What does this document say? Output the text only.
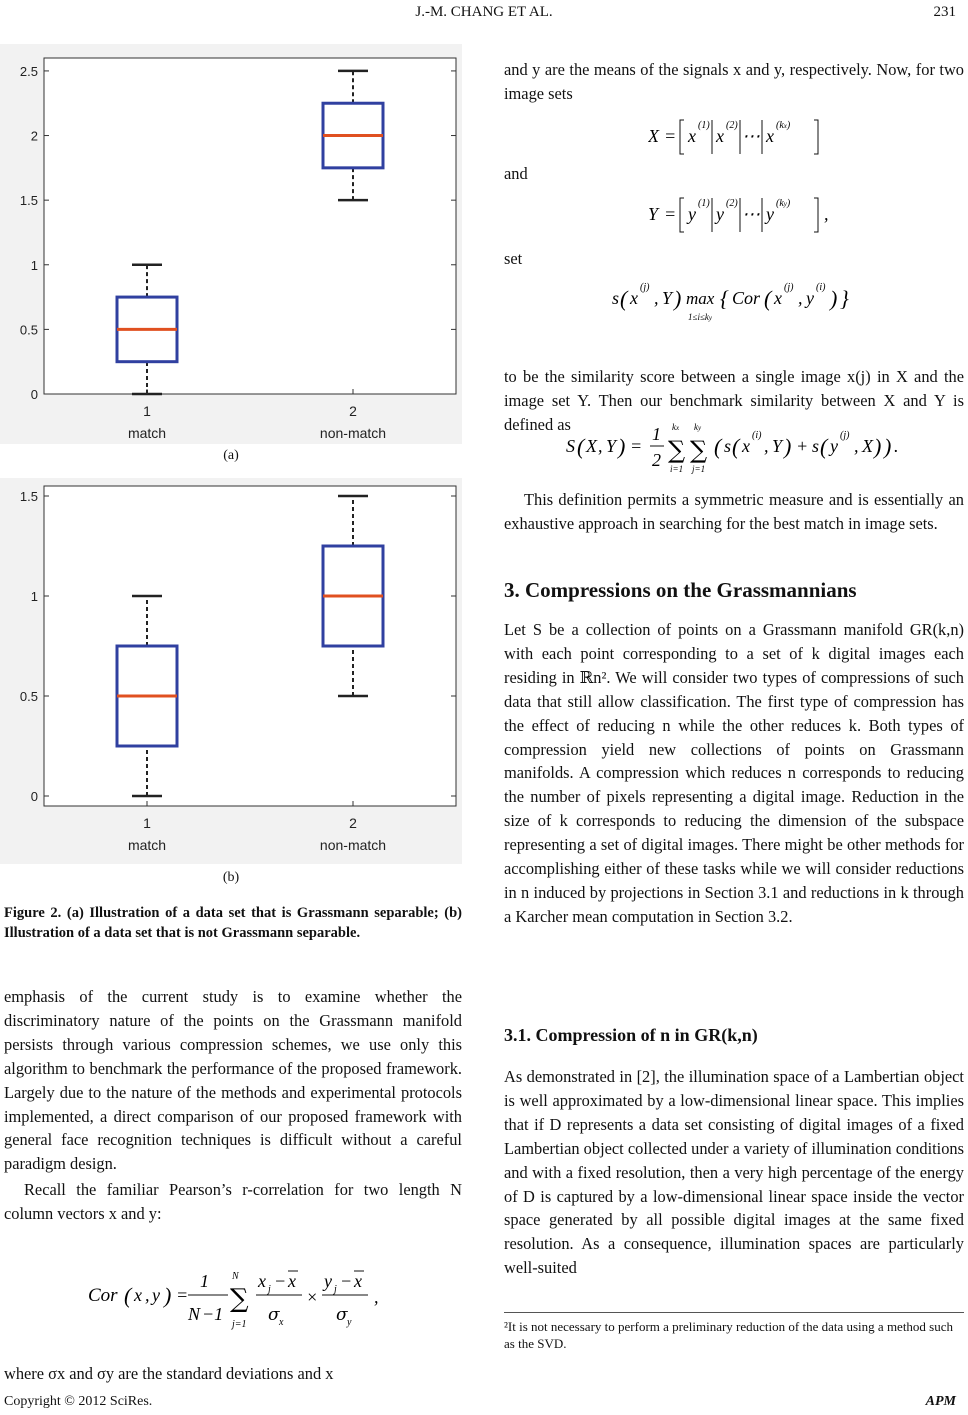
J.-M. CHANG ET AL.	231
0
0.5
1
1.5
2
2.5
1
match
2
non-match
(a)
0
0.5
1
1.5
1
match
2
non-match
(b)
Figure 2. (a) Illustration of a data set that is Grassmann separable; (b) Illustration of a data set that is not Grassmann separable.

emphasis of the current study is to examine whether the discriminatory nature of the points on the Grassmann manifold persists through various compression schemes, we use only this algorithm to benchmark the performance of the proposed framework. Largely due to the nature of the methods and experimental protocols implemented, a direct comparison of our proposed framework with general face recognition techniques is difficult without a careful paradigm design.

Recall the familiar Pearson’s r-correlation for two length N column vectors x and y:

Cor ( x , y ) =
1
N −1
N
∑
j=1
x j − x
σ x
×
y j − x
σ y
,
where σx and σy are the standard deviations and x
and y are the means of the signals x and y, respectively. Now, for two image sets
X = x
(1)
x
(2)
⋯ x
(kx)
and
Y = y
(1)
y
(2)
⋯ y
(ky)
,
set
s ( x
(j)
, Y ) max
1≤i≤ky
{ Cor ( x
(j)
, y
(i) ) }
to be the similarity score between a single image x(j) in X and the image set Y. Then our benchmark similarity between X and Y is defined as
S ( X , Y ) =
1
2
kx
∑
i=1
ky
∑
j=1
( s ( x
(i)
, Y ) + s ( y
(j)
, X ) ) .
This definition permits a symmetric measure and is essentially an exhaustive approach in searching for the best match in image sets.
3. Compressions on the Grassmannians
Let S be a collection of points on a Grassmann manifold GR(k,n) with each point corresponding to a set of k digital images each residing in ℝn². We will consider two types of compressions of such data that still allow classification. The first type of compression has the effect of reducing n while the other reduces k. Both types of compression yield new collections of points on Grassmann manifolds. A compression which reduces n corresponds to reducing the number of pixels representing a digital image. Reduction in the size of k corresponds to reducing the dimension of the subspace representing a set of digital images. There might be other methods for accomplishing either of these tasks while we will consider reductions in n induced by projections in Section 3.1 and reductions in k through a Karcher mean computation in Section 3.2.
3.1. Compression of n in GR(k,n)
As demonstrated in [2], the illumination space of a Lambertian object is well approximated by a low-dimensional linear space. This implies that if D represents a data set consisting of digital images of a fixed Lambertian object collected under a variety of illumination conditions and with a fixed resolution, then a very high percentage of the energy of D is captured by a low-dimensional linear space inside the vector space generated by all possible digital images at the same fixed resolution. As a consequence, illumination spaces are particularly well-suited
²It is not necessary to perform a preliminary reduction of the data using a method such as the SVD.
Copyright © 2012 SciRes.	APM
